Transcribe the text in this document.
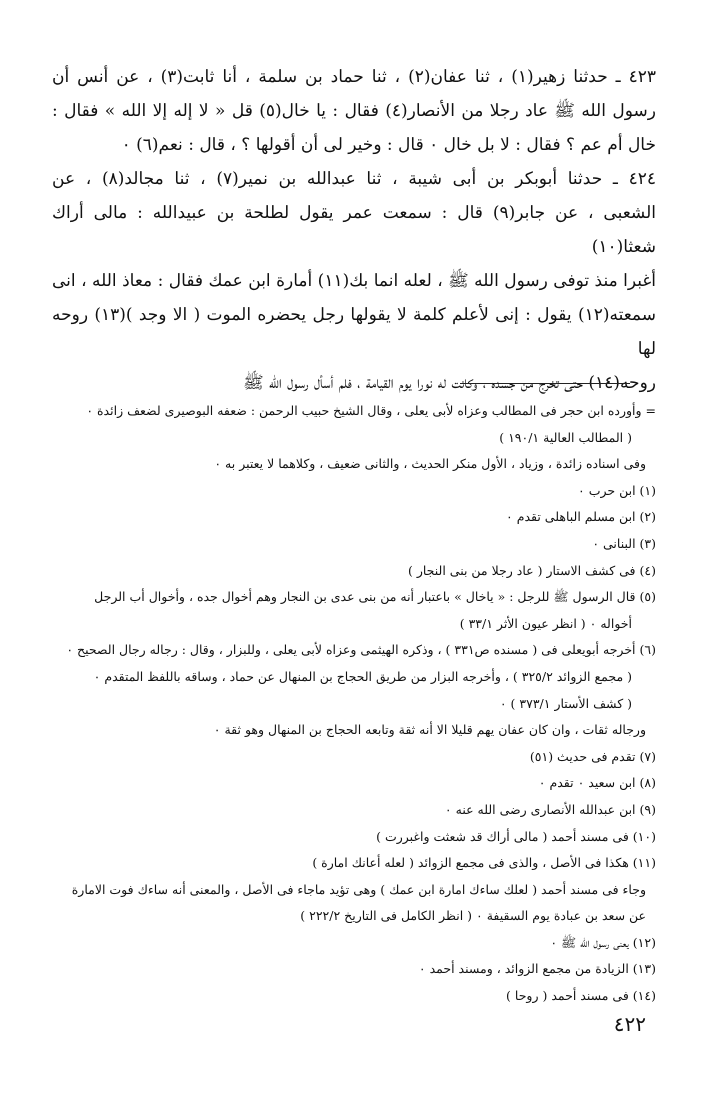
٤٢٣ ـ حدثنا زهير(١) ، ثنا عفان(٢) ، ثنا حماد بن سلمة ، أنا ثابت(٣) ، عن أنس أن

رسول الله ﷺ عاد رجلا من الأنصار(٤) فقال : يا خال(٥) قل « لا إله إلا الله » فقال :

خال أم عم ؟ فقال : لا بل خال ٠ قال : وخير لى أن أقولها ؟ ، قال : نعم(٦) ٠

٤٢٤ ـ حدثنا أبوبكر بن أبى شيبة ، ثنا عبدالله بن نمير(٧) ، ثنا مجالد(٨) ، عن

الشعبى ، عن جابر(٩) قال : سمعت عمر يقول لطلحة بن عبيدالله : مالى أراك شعثا(١٠)

أغبرا منذ توفى رسول الله ﷺ ، لعله انما بك(١١) أمارة ابن عمك فقال : معاذ الله ، انى

سمعته(١٢) يقول : إنى لأعلم كلمة لا يقولها رجل يحضره الموت ( الا وجد )(١٣) روحه لها

روحه(١٤) حتى تخرج من جسده ، وكانت له نورا يوم القيامة ، فلم أسأل رسول الله ﷺ

= وأورده ابن حجر فى المطالب وعزاه لأبى يعلى ، وقال الشيخ حبيب الرحمن : ضعفه البوصيرى لضعف زائدة ٠
( المطالب العالية ١٩٠/١ )
وفى اسناده زائدة ، وزياد ، الأول منكر الحديث ، والثانى ضعيف ، وكلاهما لا يعتبر به ٠
(١) ابن حرب ٠
(٢) ابن مسلم الباهلى تقدم ٠
(٣) البنانى ٠
(٤) فى كشف الاستار ( عاد رجلا من بنى النجار )
(٥) قال الرسول ﷺ للرجل : « ياخال » باعتبار أنه من بنى عدى بن النجار وهم أخوال جده ، وأخوال أب الرجل
أخواله ٠ ( انظر عيون الأثر ٣٣/١ )
(٦) أخرجه أبويعلى فى ( مسنده ص٣٣١ ) ، وذكره الهيثمى وعزاه لأبى يعلى ، وللبزار ، وقال : رجاله رجال الصحيح ٠
( مجمع الزوائد ٣٢٥/٢ ) ، وأخرجه البزار من طريق الحجاج بن المنهال عن حماد ، وساقه باللفظ المتقدم ٠
( كشف الأستار ٣٧٣/١ ) ٠
ورجاله ثقات ، وان كان عفان يهم قليلا الا أنه ثقة وتابعه الحجاج بن المنهال وهو ثقة ٠
(٧) تقدم فى حديث (٥١)
(٨) ابن سعيد ٠ تقدم ٠
(٩) ابن عبدالله الأنصارى رضى الله عنه ٠
(١٠) فى مسند أحمد ( مالى أراك قد شعثت واغبررت )
(١١) هكذا فى الأصل ، والذى فى مجمع الزوائد ( لعله أعانك امارة )
وجاء فى مسند أحمد ( لعلك ساءك امارة ابن عمك ) وهى تؤيد ماجاء فى الأصل ، والمعنى أنه ساءك فوت الامارة
عن سعد بن عبادة يوم السقيفة ٠ ( انظر الكامل فى التاريخ ٢٢٢/٢ )
(١٢) يعنى رسول الله ﷺ ٠
(١٣) الزيادة من مجمع الزوائد ، ومسند أحمد ٠
(١٤) فى مسند أحمد ( روحا )
٤٢٢
